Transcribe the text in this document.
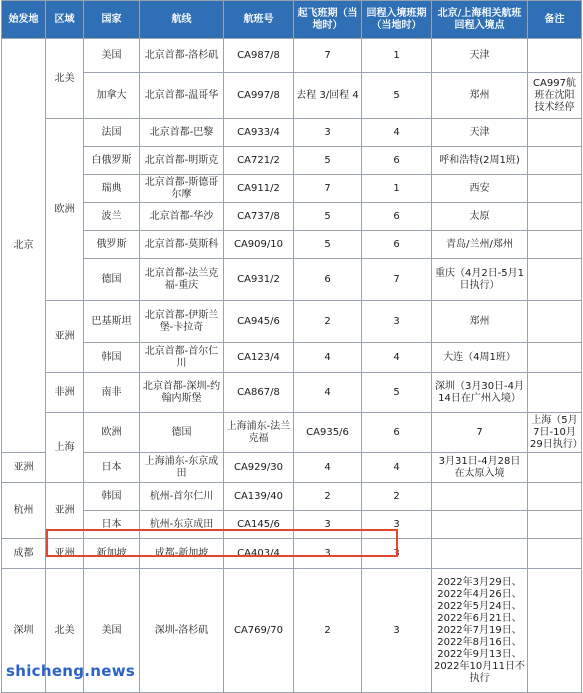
始发地	区域	国家	航线	航班号	起飞班期（当地时）	回程入境班期（当地时）	北京/上海相关航班回程入境点	备注	
北京	北美	美国	北京首都-洛杉矶	CA987/8	7	1	天津		
		加拿大	北京首都-温哥华	CA997/8	去程 3/回程 4	5	郑州	CA997航班在沈阳技术经停	
	欧洲	法国	北京首都-巴黎	CA933/4	3	4	天津		
		白俄罗斯	北京首都-明斯克	CA721/2	5	6	呼和浩特(2周1班)		
		瑞典	北京首都-斯德哥尔摩	CA911/2	7	1	西安		
		波兰	北京首都-华沙	CA737/8	5	6	太原		
		俄罗斯	北京首都-莫斯科	CA909/10	5	6	青岛/兰州/郑州		
		德国	北京首都-法兰克福-重庆	CA931/2	6	7	重庆（4月2日-5月1日执行）		
	亚洲	巴基斯坦	北京首都-伊斯兰堡-卡拉奇	CA945/6	2	3	郑州		
		韩国	北京首都-首尔仁川	CA123/4	4	4	大连（4周1班）		
	非洲	南非	北京首都-深圳-约翰内斯堡	CA867/8	4	5	深圳（3月30日-4月14日在广州入境）		
	上海	欧洲	德国	上海浦东-法兰克福	CA935/6	6	7	上海（5月7日-10月29日执行）	
亚洲		日本	上海浦东-东京成田	CA929/30	4	4	3月31日-4月28日在太原入境		
杭州	亚洲	韩国	杭州-首尔仁川	CA139/40	2	2			
		日本	杭州-东京成田	CA145/6	3	3			
成都	亚洲	新加坡	成都-新加坡	CA403/4	3	3			
深圳	北美	美国	深圳-洛杉矶	CA769/70	2	3	2022年3月29日、2022年4月26日、2022年5月24日、2022年6月21日、2022年7月19日、2022年8月16日、2022年9月13日、2022年10月11日不执行		
shicheng.news
